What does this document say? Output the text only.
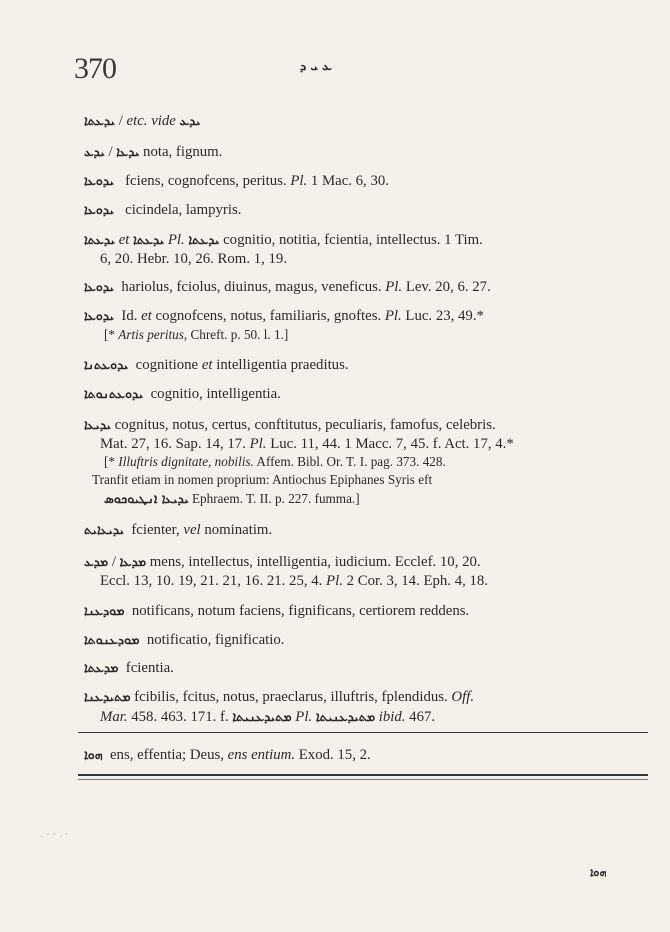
370	ܥ ܝ ܕ
ܝܕܥܬܐ / etc. vide ܝܕܥ
ܝܕܥܐ / ܝܕܥ	nota, fignum.
ܝܕܘܥܐ fciens, cognofcens, peritus. Pl. 1 Mac. 6, 30.
ܝܕܘܥܐ cicindela, lampyris.
ܝܕܥܬܐ et ܝܕܥܬܐ Pl. ܝܕܥܬܐ cognitio, notitia, fcientia, intellectus. 1 Tim.
6, 20. Hebr. 10, 26. Rom. 1, 19.
ܝܕܘܥܐ hariolus, fciolus, diuinus, magus, veneficus. Pl. Lev. 20, 6. 27.
ܝܕܘܥܐ Id. et cognofcens, notus, familiaris, gnoftes. Pl. Luc. 23, 49.*
[* Artis peritus, Chreft. p. 50. l. 1.]
ܝܕܘܥܬܢܐ cognitione et intelligentia praeditus.
ܝܕܘܥܬܢܘܬܐ cognitio, intelligentia.
ܝܕܝܥܐ cognitus, notus, certus, conftitutus, peculiaris, famofus, celebris.
Mat. 27, 16. Sap. 14, 17. Pl. Luc. 11, 44. 1 Macc. 7, 45. f. Act. 17, 4.*
[* Illuftris dignitate, nobilis. Affem. Bibl. Or. T. I. pag. 373. 428.
Tranfit etiam in nomen proprium: Antiochus Epiphanes Syris eft
ܝܕܝܥܐ ܐܢܛܝܘܟܘܣ Ephraem. T. II. p. 227. fumma.]
ܝܕܝܥܐܝܬ fcienter, vel nominatim.
ܡܕܥܐ / ܡܕܥ	mens, intellectus, intelligentia, iudicium. Ecclef. 10, 20.
Eccl. 13, 10. 19, 21. 21, 16. 21. 25, 4. Pl. 2 Cor. 3, 14. Eph. 4, 18.
ܡܘܕܥܢܐ notificans, notum faciens, fignificans, certiorem reddens.
ܡܘܕܥܢܘܬܐ notificatio, fignificatio.
ܡܕܥܬܐ fcientia.
ܡܬܝܕܥܢܐ fcibilis, fcitus, notus, praeclarus, illuftris, fplendidus. Off.
Mar. 458. 463. 171. f. ܡܬܝܕܥܢܝܬܐ Pl. ܡܬܝܕܥܢܝܬܐ ibid. 467.
ܗܘܐ ens, effentia; Deus, ens entium. Exod. 15, 2.
ܗܘܐ
· ’ ’ · ′
